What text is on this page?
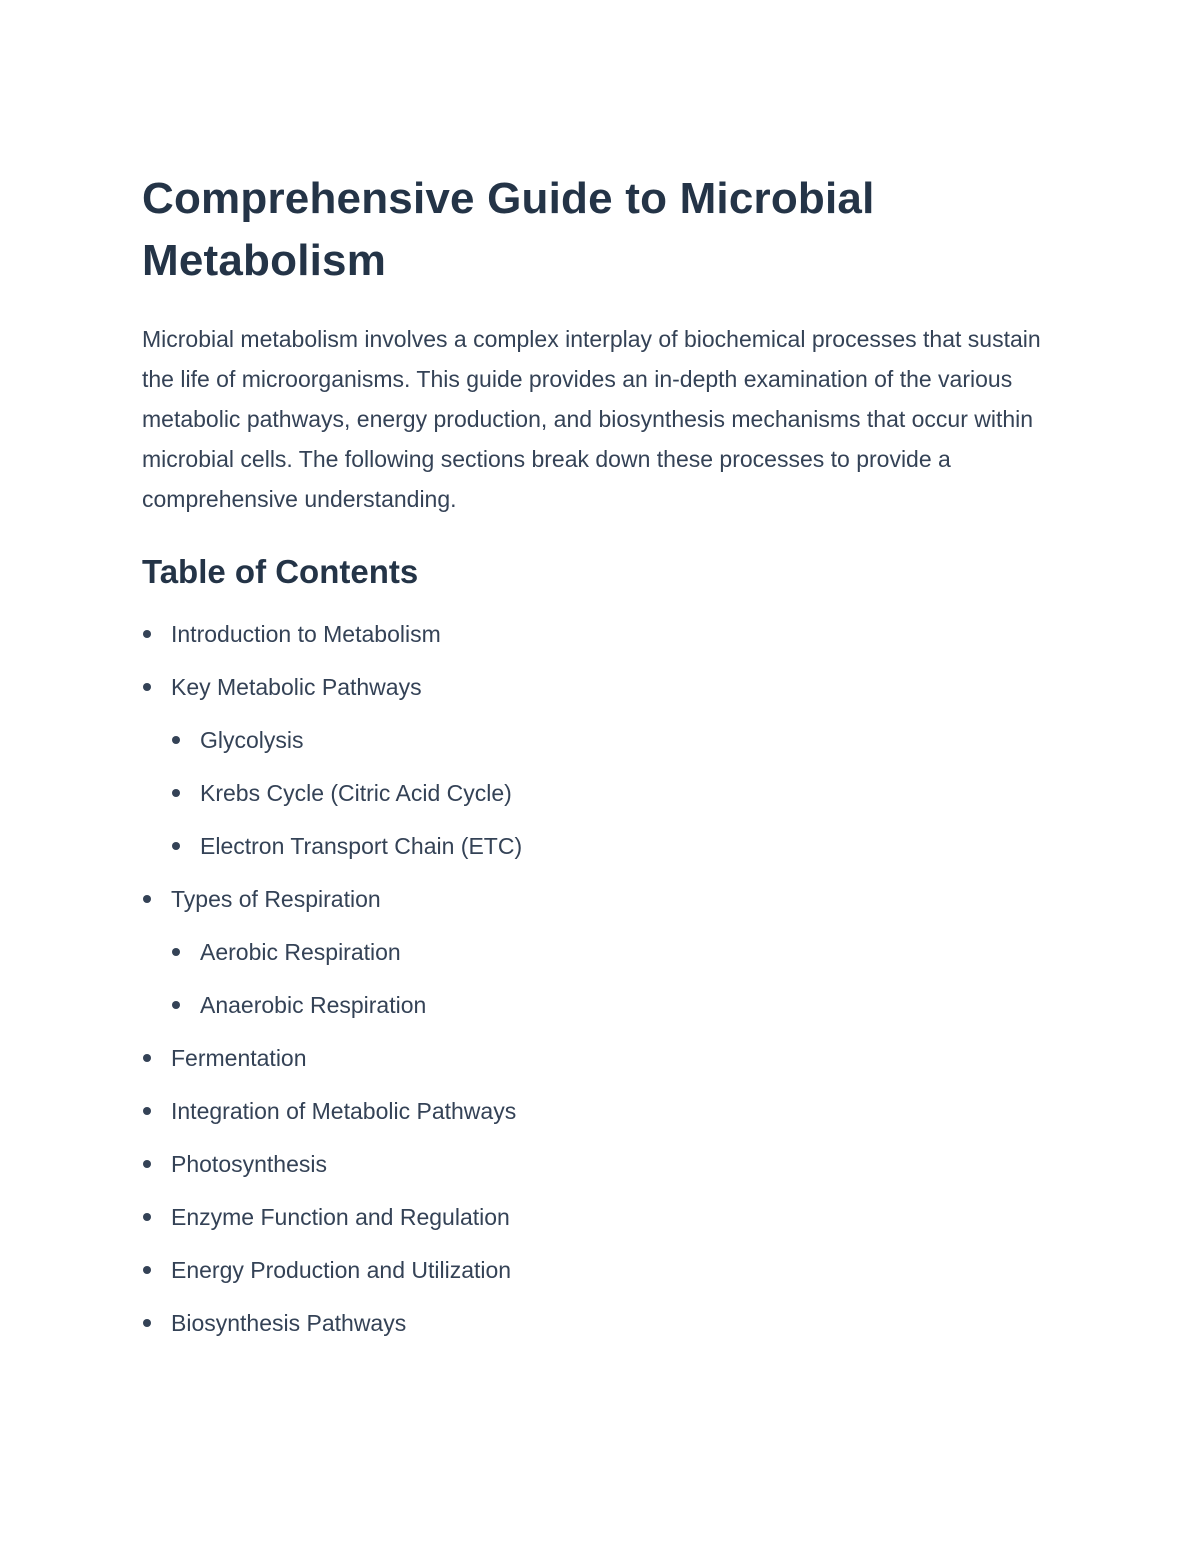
Comprehensive Guide to Microbial Metabolism

Microbial metabolism involves a complex interplay of biochemical processes that sustain the life of microorganisms. This guide provides an in-depth examination of the various metabolic pathways, energy production, and biosynthesis mechanisms that occur within microbial cells. The following sections break down these processes to provide a comprehensive understanding.

Table of Contents
Introduction to Metabolism
Key Metabolic Pathways
Glycolysis
Krebs Cycle (Citric Acid Cycle)
Electron Transport Chain (ETC)
Types of Respiration
Aerobic Respiration
Anaerobic Respiration
Fermentation
Integration of Metabolic Pathways
Photosynthesis
Enzyme Function and Regulation
Energy Production and Utilization
Biosynthesis Pathways
